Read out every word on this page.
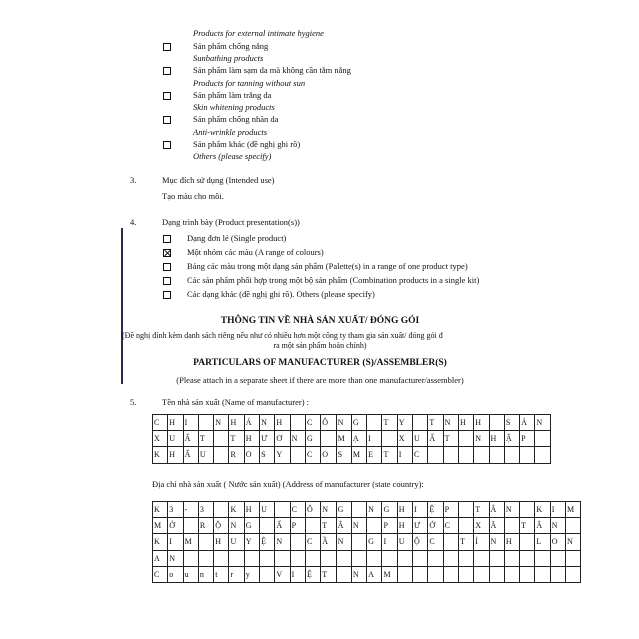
Products for external intimate hygiene
Sản phẩm chống nắng
Sunbathing products
Sản phẩm làm sạm da mà không cần tắm nắng
Products for tanning without sun
Sản phẩm làm trắng da
Skin whitening products
Sản phẩm chống nhăn da
Anti-wrinkle products
Sản phẩm khác (đề nghị ghi rõ)
Others (please specify)
3.	Mục đích sử dụng (Intended use)
Tạo màu cho môi.
4.	Dạng trình bày (Product presentation(s))
Dạng đơn lẻ (Single product)
Một nhóm các màu (A range of colours)
Bảng các màu trong một dạng sản phẩm (Palette(s) in a range of one product type)
Các sản phẩm phối hợp trong một bộ sản phẩm (Combination products in a single kit)
Các dạng khác (đề nghị ghi rõ). Others (please specify)
THÔNG TIN VỀ NHÀ SẢN XUẤT/ ĐÓNG GÓI
(Đề nghị đính kèm danh sách riêng nếu như có nhiều hơn một công ty tham gia sản xuất/ đóng gói đ
ra một sản phẩm hoàn chỉnh)
PARTICULARS OF MANUFACTURER (S)/ASSEMBLER(S)
(Please attach in a separate sheet if there are more than one manufacturer/assembler)
5.	Tên nhà sản xuất (Name of manufacturer) :
C	H	I		N	H	Á	N	H		C	Ô	N	G		T	Y		T	N	H	H		S	Ả	N
X	U	Ấ	T		T	H	Ư	Ơ	N	G		M	Ạ	I		X	U	Ấ	T		N	H	Ậ	P	
K	H	Ẩ	U		R	O	S	Y		C	O	S	M	E	T	I	C								
Địa chỉ nhà sản xuất ( Nước sản xuất) (Address of manufacturer (state country):
K	3	-	3		K	H	U		C	Ô	N	G		N	G	H	I	Ệ	P		T	Â	N		K	I	M
M	Ở		R	Ộ	N	G		Ấ	P		T	Â	N		P	H	Ư	Ớ	C		X	Ã		T	Â	N	
K	I	M		H	U	Y	Ệ	N		C	Ầ	N		G	I	U	Ộ	C		T	Ỉ	N	H		L	O	N
A	N																										
C	o	u	n	t	r	y		V	I	Ệ	T		N	A	M												
